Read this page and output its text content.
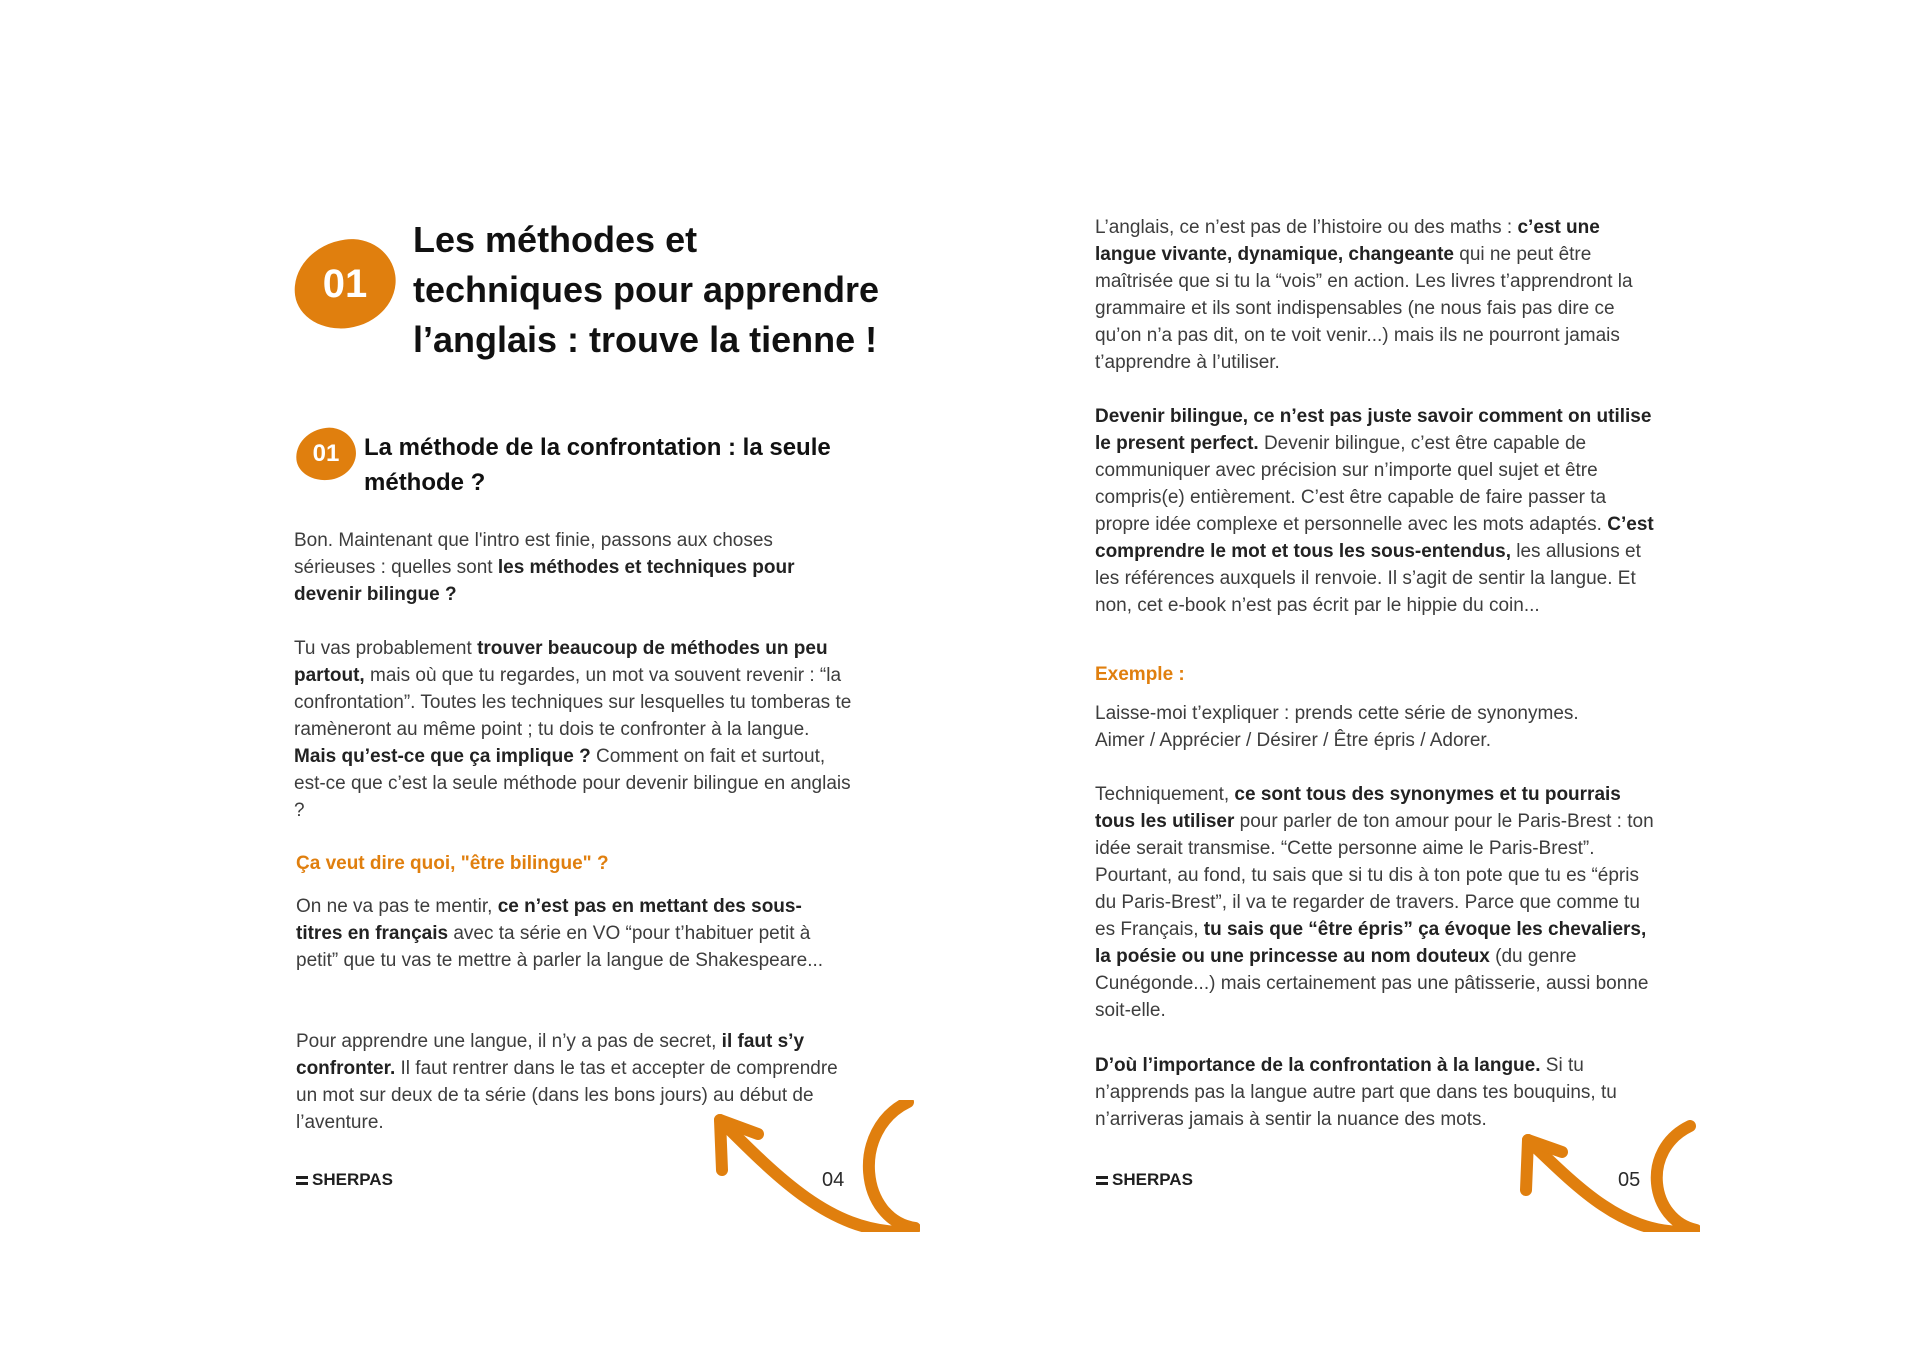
01
Les méthodes et techniques pour apprendre l’anglais : trouve la tienne !
01	La méthode de la confrontation : la seule méthode ?

Bon. Maintenant que l'intro est finie, passons aux choses sérieuses : quelles sont les méthodes et techniques pour devenir bilingue ?

Tu vas probablement trouver beaucoup de méthodes un peu partout, mais où que tu regardes, un mot va souvent revenir : “la confrontation”. Toutes les techniques sur lesquelles tu tomberas te ramèneront au même point ; tu dois te confronter à la langue. Mais qu’est-ce que ça implique ? Comment on fait et surtout, est-ce que c’est la seule méthode pour devenir bilingue en anglais ?

Ça veut dire quoi, "être bilingue" ?

On ne va pas te mentir, ce n’est pas en mettant des sous-titres en français avec ta série en VO “pour t’habituer petit à petit” que tu vas te mettre à parler la langue de Shakespeare...

Pour apprendre une langue, il n’y a pas de secret, il faut s’y confronter. Il faut rentrer dans le tas et accepter de comprendre un mot sur deux de ta série (dans les bons jours) au début de l’aventure.

SHERPAS	04

L’anglais, ce n’est pas de l’histoire ou des maths : c’est une langue vivante, dynamique, changeante qui ne peut être maîtrisée que si tu la “vois” en action. Les livres t’apprendront la grammaire et ils sont indispensables (ne nous fais pas dire ce qu’on n’a pas dit, on te voit venir...) mais ils ne pourront jamais t’apprendre à l’utiliser.

Devenir bilingue, ce n’est pas juste savoir comment on utilise le present perfect. Devenir bilingue, c’est être capable de communiquer avec précision sur n’importe quel sujet et être compris(e) entièrement. C’est être capable de faire passer ta propre idée complexe et personnelle avec les mots adaptés. C’est comprendre le mot et tous les sous-entendus, les allusions et les références auxquels il renvoie. Il s’agit de sentir la langue. Et non, cet e-book n’est pas écrit par le hippie du coin...

Exemple :

Laisse-moi t’expliquer : prends cette série de synonymes.
Aimer / Apprécier / Désirer / Être épris / Adorer.

Techniquement, ce sont tous des synonymes et tu pourrais tous les utiliser pour parler de ton amour pour le Paris-Brest : ton idée serait transmise. “Cette personne aime le Paris-Brest”. Pourtant, au fond, tu sais que si tu dis à ton pote que tu es “épris du Paris-Brest”, il va te regarder de travers. Parce que comme tu es Français, tu sais que “être épris” ça évoque les chevaliers, la poésie ou une princesse au nom douteux (du genre Cunégonde...) mais certainement pas une pâtisserie, aussi bonne soit-elle.

D’où l’importance de la confrontation à la langue. Si tu n’apprends pas la langue autre part que dans tes bouquins, tu n’arriveras jamais à sentir la nuance des mots.

SHERPAS	05
